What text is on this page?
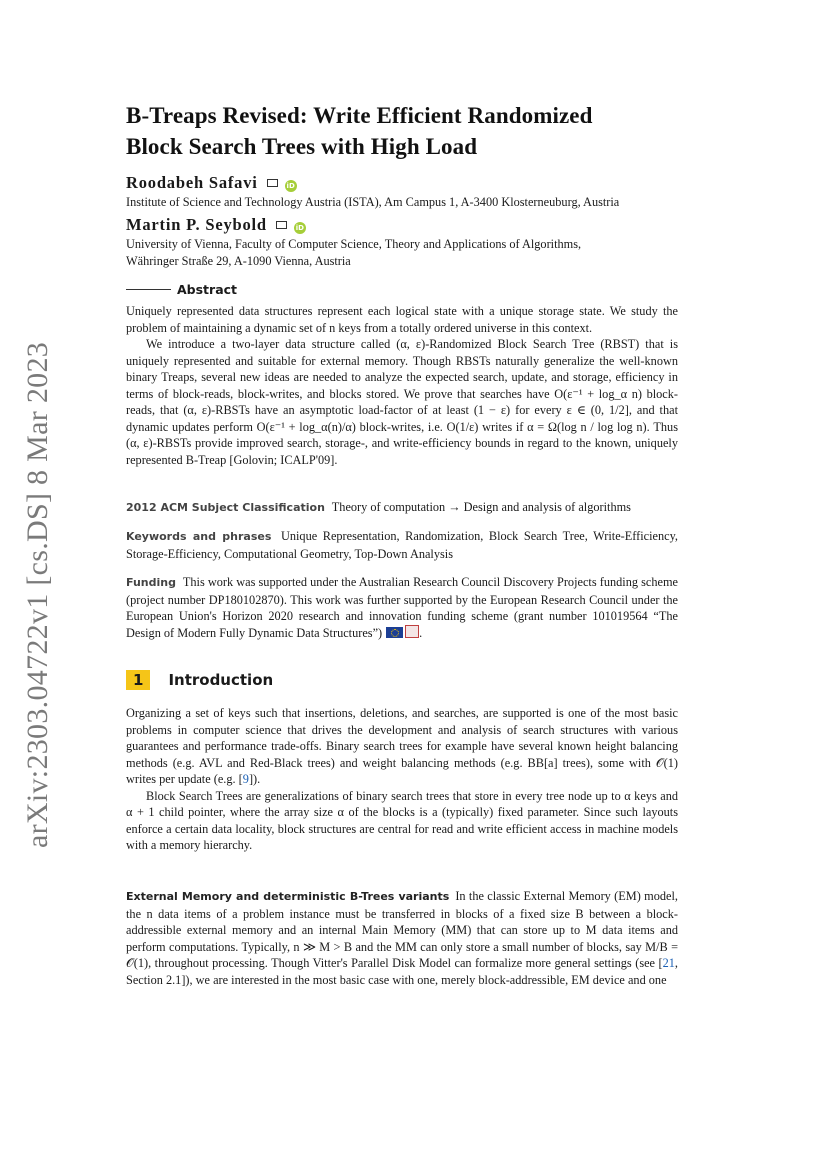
arXiv:2303.04722v1 [cs.DS] 8 Mar 2023
B-Treaps Revised: Write Efficient Randomized
Block Search Trees with High Load
Roodabeh Safavi	iD
Institute of Science and Technology Austria (ISTA), Am Campus 1, A-3400 Klosterneuburg, Austria
Martin P. Seybold	iD
University of Vienna, Faculty of Computer Science, Theory and Applications of Algorithms,
Währinger Straße 29, A-1090 Vienna, Austria
Abstract

Uniquely represented data structures represent each logical state with a unique storage state. We study the problem of maintaining a dynamic set of n keys from a totally ordered universe in this context.

We introduce a two-layer data structure called (α, ε)-Randomized Block Search Tree (RBST) that is uniquely represented and suitable for external memory. Though RBSTs naturally generalize the well-known binary Treaps, several new ideas are needed to analyze the expected search, update, and storage, efficiency in terms of block-reads, block-writes, and blocks stored. We prove that searches have O(ε⁻¹ + log_α n) block-reads, that (α, ε)-RBSTs have an asymptotic load-factor of at least (1 − ε) for every ε ∈ (0, 1/2], and that dynamic updates perform O(ε⁻¹ + log_α(n)/α) block-writes, i.e. O(1/ε) writes if α = Ω(log n / log log n). Thus (α, ε)-RBSTs provide improved search, storage-, and write-efficiency bounds in regard to the known, uniquely represented B-Treap [Golovin; ICALP'09].

2012 ACM Subject Classification Theory of computation → Design and analysis of algorithms
Keywords and phrases Unique Representation, Randomization, Block Search Tree, Write-Efficiency, Storage-Efficiency, Computational Geometry, Top-Down Analysis
Funding This work was supported under the Australian Research Council Discovery Projects funding scheme (project number DP180102870). This work was further supported by the European Research Council under the European Union's Horizon 2020 research and innovation funding scheme (grant number 101019564 “The Design of Modern Fully Dynamic Data Structures”)	.
1 Introduction

Organizing a set of keys such that insertions, deletions, and searches, are supported is one of the most basic problems in computer science that drives the development and analysis of search structures with various guarantees and performance trade-offs. Binary search trees for example have several known height balancing methods (e.g. AVL and Red-Black trees) and weight balancing methods (e.g. BB[a] trees), some with 𝒪(1) writes per update (e.g. [9]).

Block Search Trees are generalizations of binary search trees that store in every tree node up to α keys and α + 1 child pointer, where the array size α of the blocks is a (typically) fixed parameter. Since such layouts enforce a certain data locality, block structures are central for read and write efficient access in machine models with a memory hierarchy.

External Memory and deterministic B-Trees variants In the classic External Memory (EM) model, the n data items of a problem instance must be transferred in blocks of a fixed size B between a block-addressible external memory and an internal Main Memory (MM) that can store up to M data items and perform computations. Typically, n ≫ M > B and the MM can only store a small number of blocks, say M/B = 𝒪(1), throughout processing. Though Vitter's Parallel Disk Model can formalize more general settings (see [21, Section 2.1]), we are interested in the most basic case with one, merely block-addressible, EM device and one
